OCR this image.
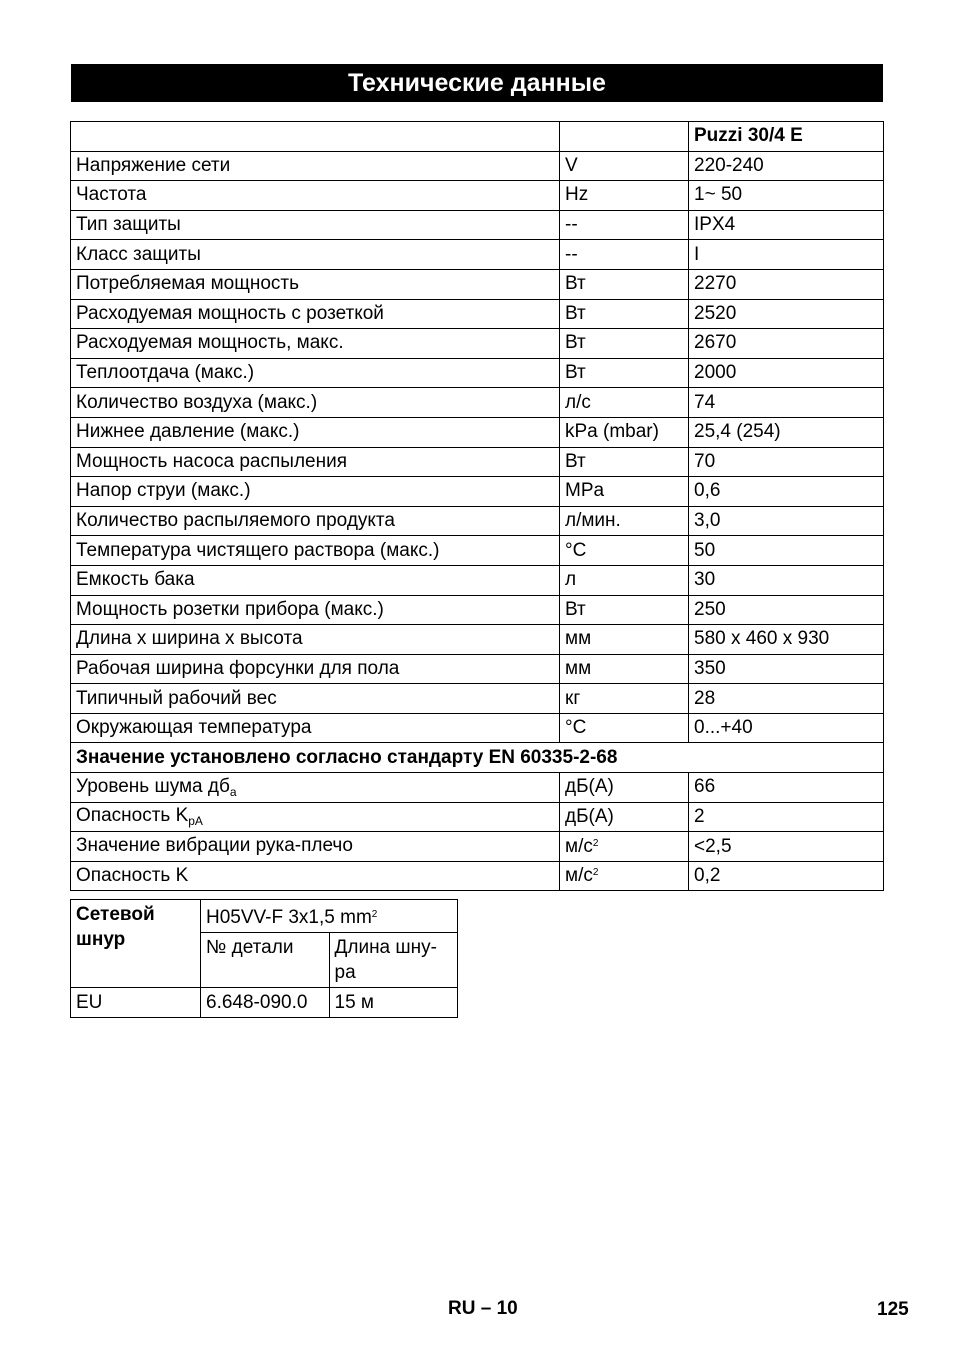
Технические данные
		Puzzi 30/4 E
Напряжение сети	V	220-240
Частота	Hz	1~ 50
Тип защиты	--	IPX4
Класс защиты	--	I
Потребляемая мощность	Вт	2270
Расходуемая мощность с розеткой	Вт	2520
Расходуемая мощность, макс.	Вт	2670
Теплоотдача (макс.)	Вт	2000
Количество воздуха (макс.)	л/с	74
Нижнее давление (макс.)	kPa (mbar)	25,4 (254)
Мощность насоса распыления	Вт	70
Напор струи (макс.)	MPa	0,6
Количество распыляемого продукта	л/мин.	3,0
Температура чистящего раствора (макс.)	°C	50
Емкость бака	л	30
Мощность розетки прибора (макс.)	Вт	250
Длина х ширина х высота	мм	580 x 460 x 930
Рабочая ширина форсунки для пола	мм	350
Типичный рабочий вес	кг	28
Окружающая температура	°C	0...+40
Значение установлено согласно стандарту EN 60335-2-68		
Уровень шума $дб_a$	дБ(A)	66
Опасность $K_{pA}$	дБ(A)	2
Значение вибрации рука-плечо	$м/с^2$	<2,5
Опасность K	$м/с^2$	0,2
Сетевой шнур	H05VV-F 3x1,5 $mm^2$
	№ детали	Длина шну-
ра
EU	6.648-090.0	15 м
RU – 10	125
